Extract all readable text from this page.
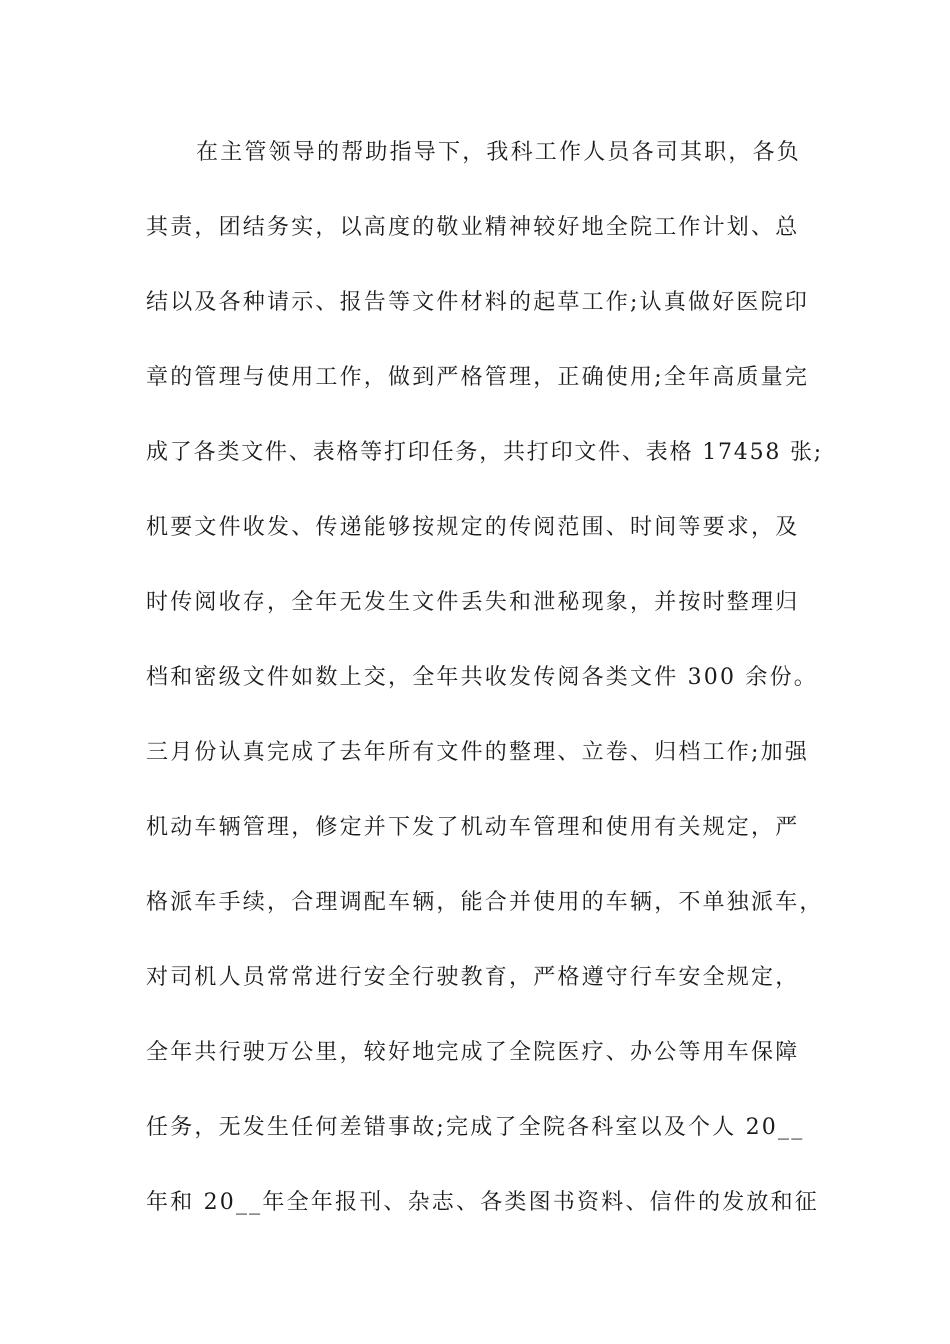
在主管领导的帮助指导下，我科工作人员各司其职，各负
其责，团结务实，以高度的敬业精神较好地全院工作计划、总
结以及各种请示、报告等文件材料的起草工作;认真做好医院印
章的管理与使用工作，做到严格管理，正确使用;全年高质量完
成了各类文件、表格等打印任务，共打印文件、表格 17458 张;
机要文件收发、传递能够按规定的传阅范围、时间等要求，及
时传阅收存，全年无发生文件丢失和泄秘现象，并按时整理归
档和密级文件如数上交，全年共收发传阅各类文件 300 余份。
三月份认真完成了去年所有文件的整理、立卷、归档工作;加强
机动车辆管理，修定并下发了机动车管理和使用有关规定，严
格派车手续，合理调配车辆，能合并使用的车辆，不单独派车，
对司机人员常常进行安全行驶教育，严格遵守行车安全规定，
全年共行驶万公里，较好地完成了全院医疗、办公等用车保障
任务，无发生任何差错事故;完成了全院各科室以及个人 20__
年和 20__年全年报刊、杂志、各类图书资料、信件的发放和征
